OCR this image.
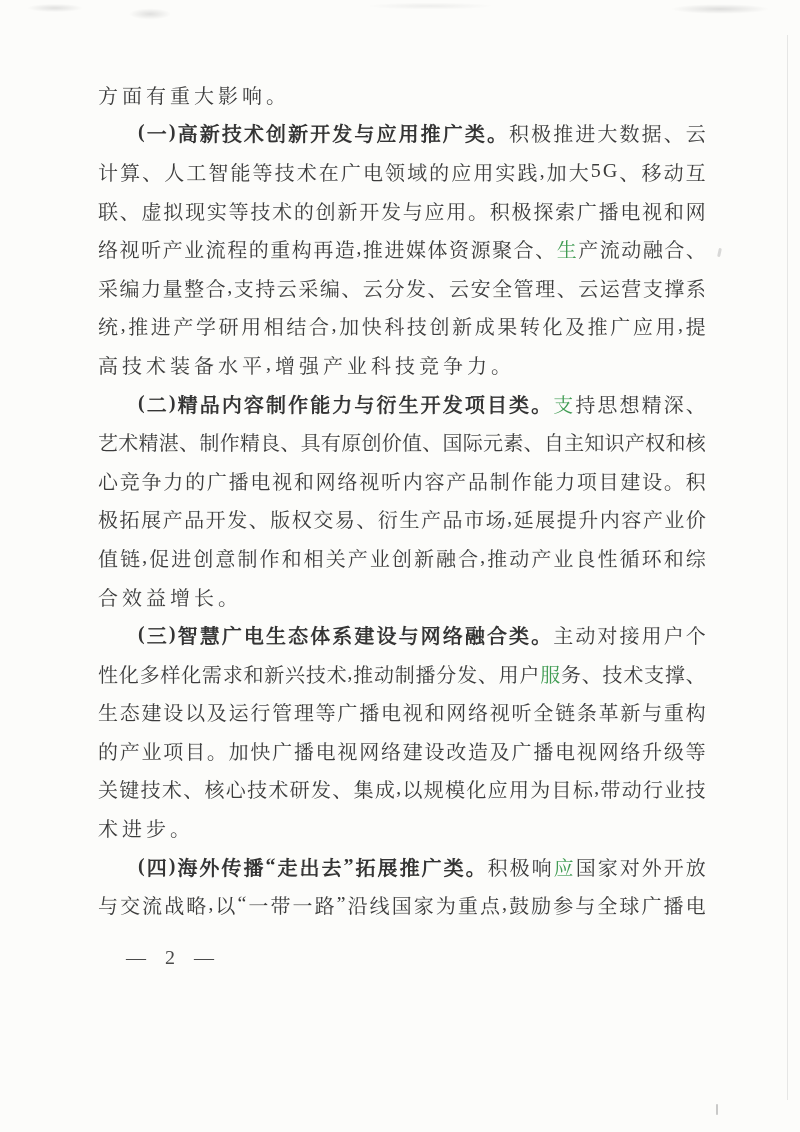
方 面 有 重 大 影 响 。
( 一 ) 高 新 技 术 创 新 开 发 与 应 用 推 广 类 。 积 极 推 进 大 数 据 、 云
计 算 、 人 工 智 能 等 技 术 在 广 电 领 域 的 应 用 实 践 , 加 大 5 G 、 移 动 互
联 、 虚 拟 现 实 等 技 术 的 创 新 开 发 与 应 用 。 积 极 探 索 广 播 电 视 和 网
络 视 听 产 业 流 程 的 重 构 再 造 , 推 进 媒 体 资 源 聚 合 、 生 产 流 动 融 合 、
采 编 力 量 整 合 , 支 持 云 采 编 、 云 分 发 、 云 安 全 管 理 、 云 运 营 支 撑 系
统 , 推 进 产 学 研 用 相 结 合 , 加 快 科 技 创 新 成 果 转 化 及 推 广 应 用 , 提
高 技 术 装 备 水 平 , 增 强 产 业 科 技 竞 争 力 。
( 二 ) 精 品 内 容 制 作 能 力 与 衍 生 开 发 项 目 类 。 支 持 思 想 精 深 、
艺 术 精 湛 、 制 作 精 良 、 具 有 原 创 价 值 、 国 际 元 素 、 自 主 知 识 产 权 和 核
心 竞 争 力 的 广 播 电 视 和 网 络 视 听 内 容 产 品 制 作 能 力 项 目 建 设 。 积
极 拓 展 产 品 开 发 、 版 权 交 易 、 衍 生 产 品 市 场 , 延 展 提 升 内 容 产 业 价
值 链 , 促 进 创 意 制 作 和 相 关 产 业 创 新 融 合 , 推 动 产 业 良 性 循 环 和 综
合 效 益 增 长 。
( 三 ) 智 慧 广 电 生 态 体 系 建 设 与 网 络 融 合 类 。 主 动 对 接 用 户 个
性 化 多 样 化 需 求 和 新 兴 技 术 , 推 动 制 播 分 发 、 用 户 服 务 、 技 术 支 撑 、
生 态 建 设 以 及 运 行 管 理 等 广 播 电 视 和 网 络 视 听 全 链 条 革 新 与 重 构
的 产 业 项 目 。 加 快 广 播 电 视 网 络 建 设 改 造 及 广 播 电 视 网 络 升 级 等
关 键 技 术 、 核 心 技 术 研 发 、 集 成 , 以 规 模 化 应 用 为 目 标 , 带 动 行 业 技
术 进 步 。
( 四 ) 海 外 传 播 “ 走 出 去 ” 拓 展 推 广 类 。 积 极 响 应 国 家 对 外 开 放
与 交 流 战 略 , 以 “ 一 带 一 路 ” 沿 线 国 家 为 重 点 , 鼓 励 参 与 全 球 广 播 电
— 2 —
